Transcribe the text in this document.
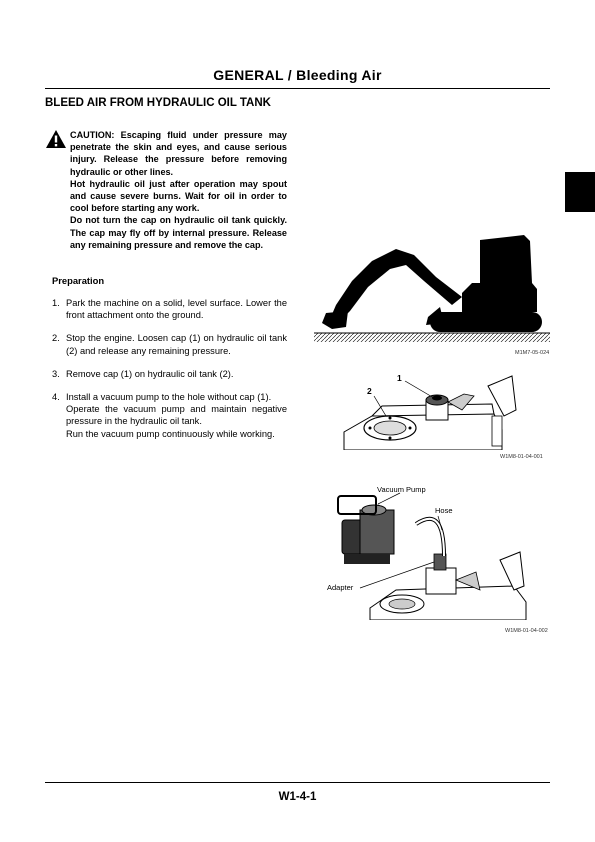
GENERAL / Bleeding Air
BLEED AIR FROM HYDRAULIC OIL TANK

CAUTION: Escaping fluid under pressure may penetrate the skin and eyes, and cause serious injury. Release the pressure before removing hydraulic or other lines.

Hot hydraulic oil just after operation may spout and cause severe burns. Wait for oil in order to cool before starting any work.

Do not turn the cap on hydraulic oil tank quickly. The cap may fly off by internal pressure. Release any remaining pressure and remove the cap.

Preparation
1. Park the machine on a solid, level surface. Lower the front attachment onto the ground.
2. Stop the engine. Loosen cap (1) on hydraulic oil tank (2) and release any remaining pressure.
3. Remove cap (1) on hydraulic oil tank (2).
4. Install a vacuum pump to the hole without cap (1).
Operate the vacuum pump and maintain negative pressure in the hydraulic oil tank.
Run the vacuum pump continuously while working.
M1M7-05-024
1
2
W1M8-01-04-001
Vacuum Pump
Hose
Adapter
W1M8-01-04-002
W1-4-1
